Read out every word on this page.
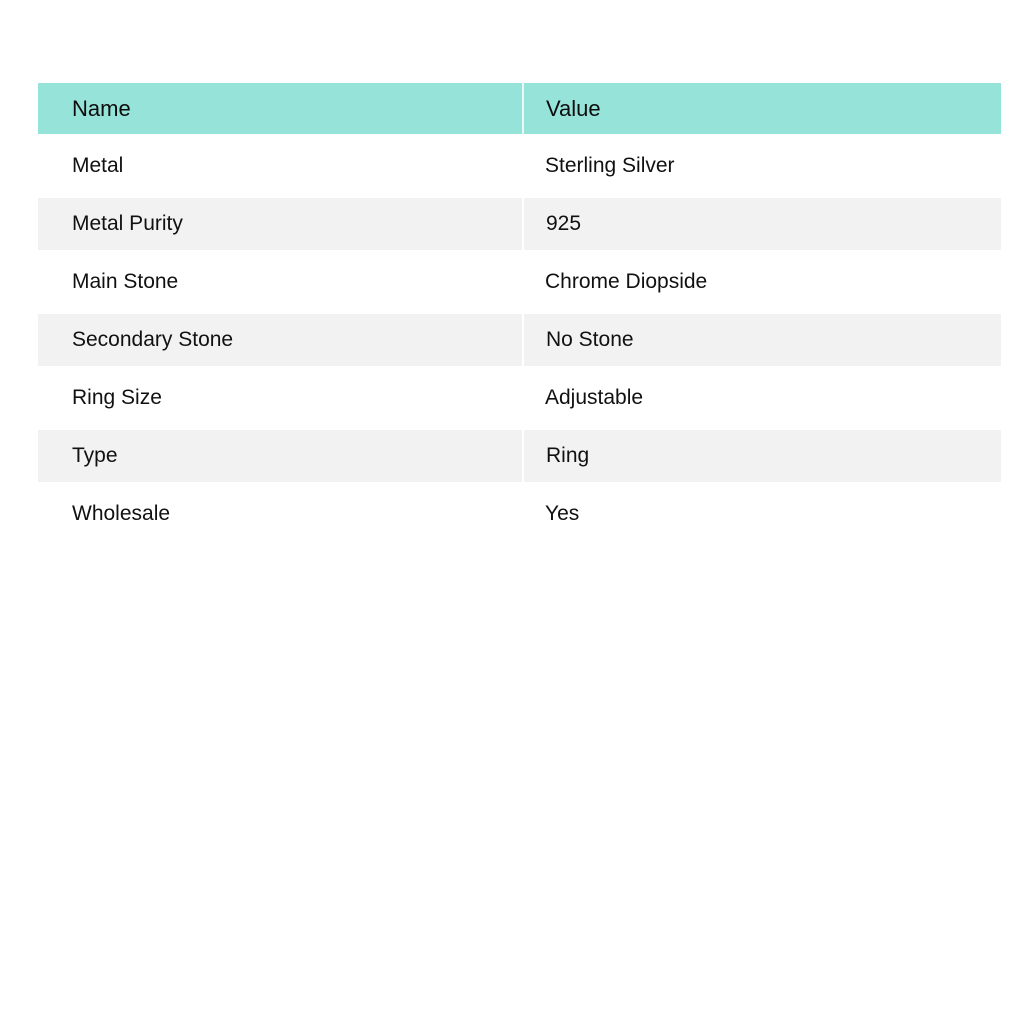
Name	Value
Metal	Sterling Silver
Metal Purity	925
Main Stone	Chrome Diopside
Secondary Stone	No Stone
Ring Size	Adjustable
Type	Ring
Wholesale	Yes
